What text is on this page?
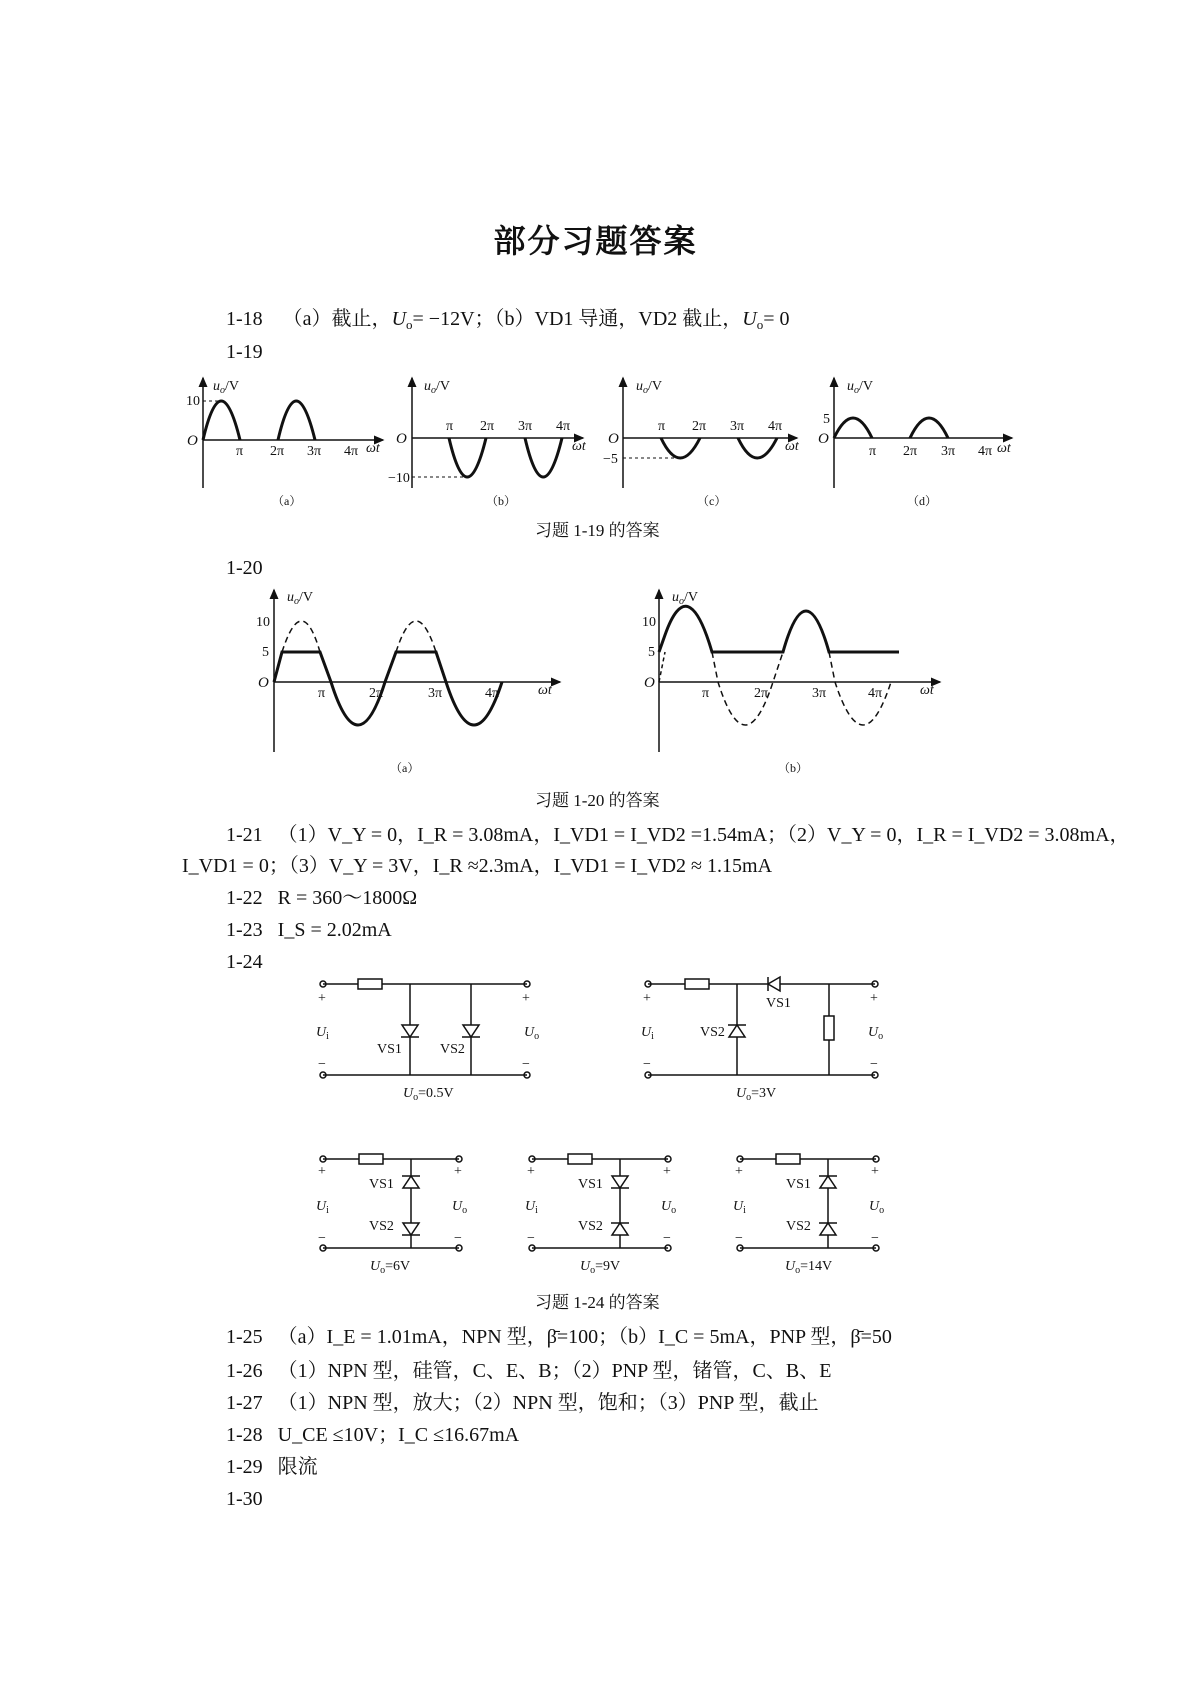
部分习题答案
1-18 （a）截止，$U_o= -12V$；（b）VD1 导通，VD2 截止，$U_o= 0$
1-19
$u_o/V$
10
O
π 2π 3π 4π ωt
（a）
$u_o/V$
−10
O
π 2π 3π 4π
ωt
（b）
$u_o/V$
−5
O
π 2π 3π 4π
ωt
（c）
$u_o/V$
5
O
π 2π 3π 4π ωt
（d）
$u_o/V$
10
5
O
π	2π	3π	4π	ωt
（a）
$u_o/V$
10
5
O
π	2π	3π	4π	ωt
（b）
习题 1-19 的答案
1-20
习题 1-20 的答案
1-21 （1）V_Y = 0，I_R = 3.08mA，I_VD1 = I_VD2 =1.54mA；（2）V_Y = 0，I_R = I_VD2 = 3.08mA，
I_VD1 = 0；（3）V_Y = 3V，I_R ≈2.3mA，I_VD1 = I_VD2 ≈ 1.15mA
1-22 R = 360～1800Ω
1-23 I_S = 2.02mA
1-24
+	+
−	−
$U_i$	$U_o$
VS1	VS2
$U_o=0.5V$
+	+
−	−
$U_i$	$U_o$
VS2
VS1
$U_o=3V$
+	+
−	−
$U_i$	$U_o$
VS1
VS2
$U_o=6V$
+	+
−	−
$U_i$	$U_o$
VS1
VS2
$U_o=9V$
+	+
−	−
$U_i$	$U_o$
VS1
VS2
$U_o=14V$
习题 1-24 的答案
1-25 （a）I_E = 1.01mA，NPN 型，β̄=100；（b）I_C = 5mA，PNP 型，β̄=50
1-26 （1）NPN 型，硅管，C、E、B；（2）PNP 型，锗管，C、B、E
1-27 （1）NPN 型，放大；（2）NPN 型，饱和；（3）PNP 型，截止
1-28 U_CE ≤10V；I_C ≤16.67mA
1-29 限流
1-30
